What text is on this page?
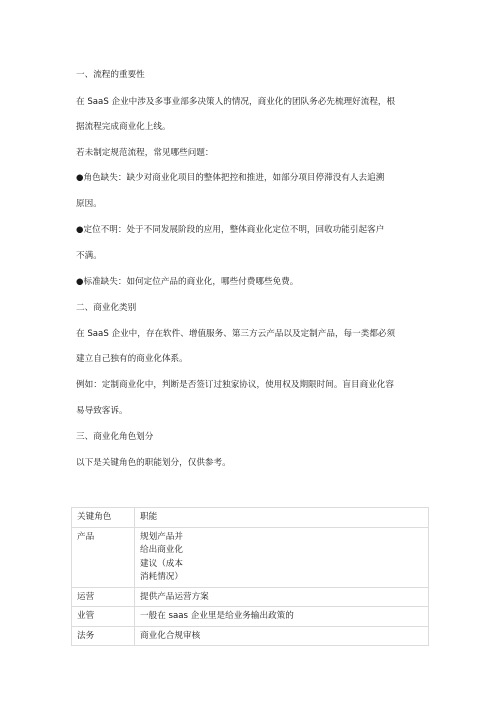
一、流程的重要性
在 SaaS 企业中涉及多事业部多决策人的情况，商业化的团队务必先梳理好流程，根
据流程完成商业化上线。
若未制定规范流程，常见哪些问题：
●角色缺失：缺少对商业化项目的整体把控和推进，如部分项目停滞没有人去追溯
原因。
●定位不明：处于不同发展阶段的应用，整体商业化定位不明，回收功能引起客户
不满。
●标准缺失：如何定位产品的商业化，哪些付费哪些免费。
二、商业化类别
在 SaaS 企业中，存在软件、增值服务、第三方云产品以及定制产品，每一类都必须
建立自己独有的商业化体系。
例如：定制商业化中，判断是否签订过独家协议，使用权及期限时间。盲目商业化容
易导致客诉。
三、商业化角色划分
以下是关键角色的职能划分，仅供参考。
关键角色	职能
产品	规划产品并
给出商业化
建议（成本
消耗情况）

运营	提供产品运营方案

业管	一般在 saas 企业里是给业务输出政策的

法务	商业化合规审核
